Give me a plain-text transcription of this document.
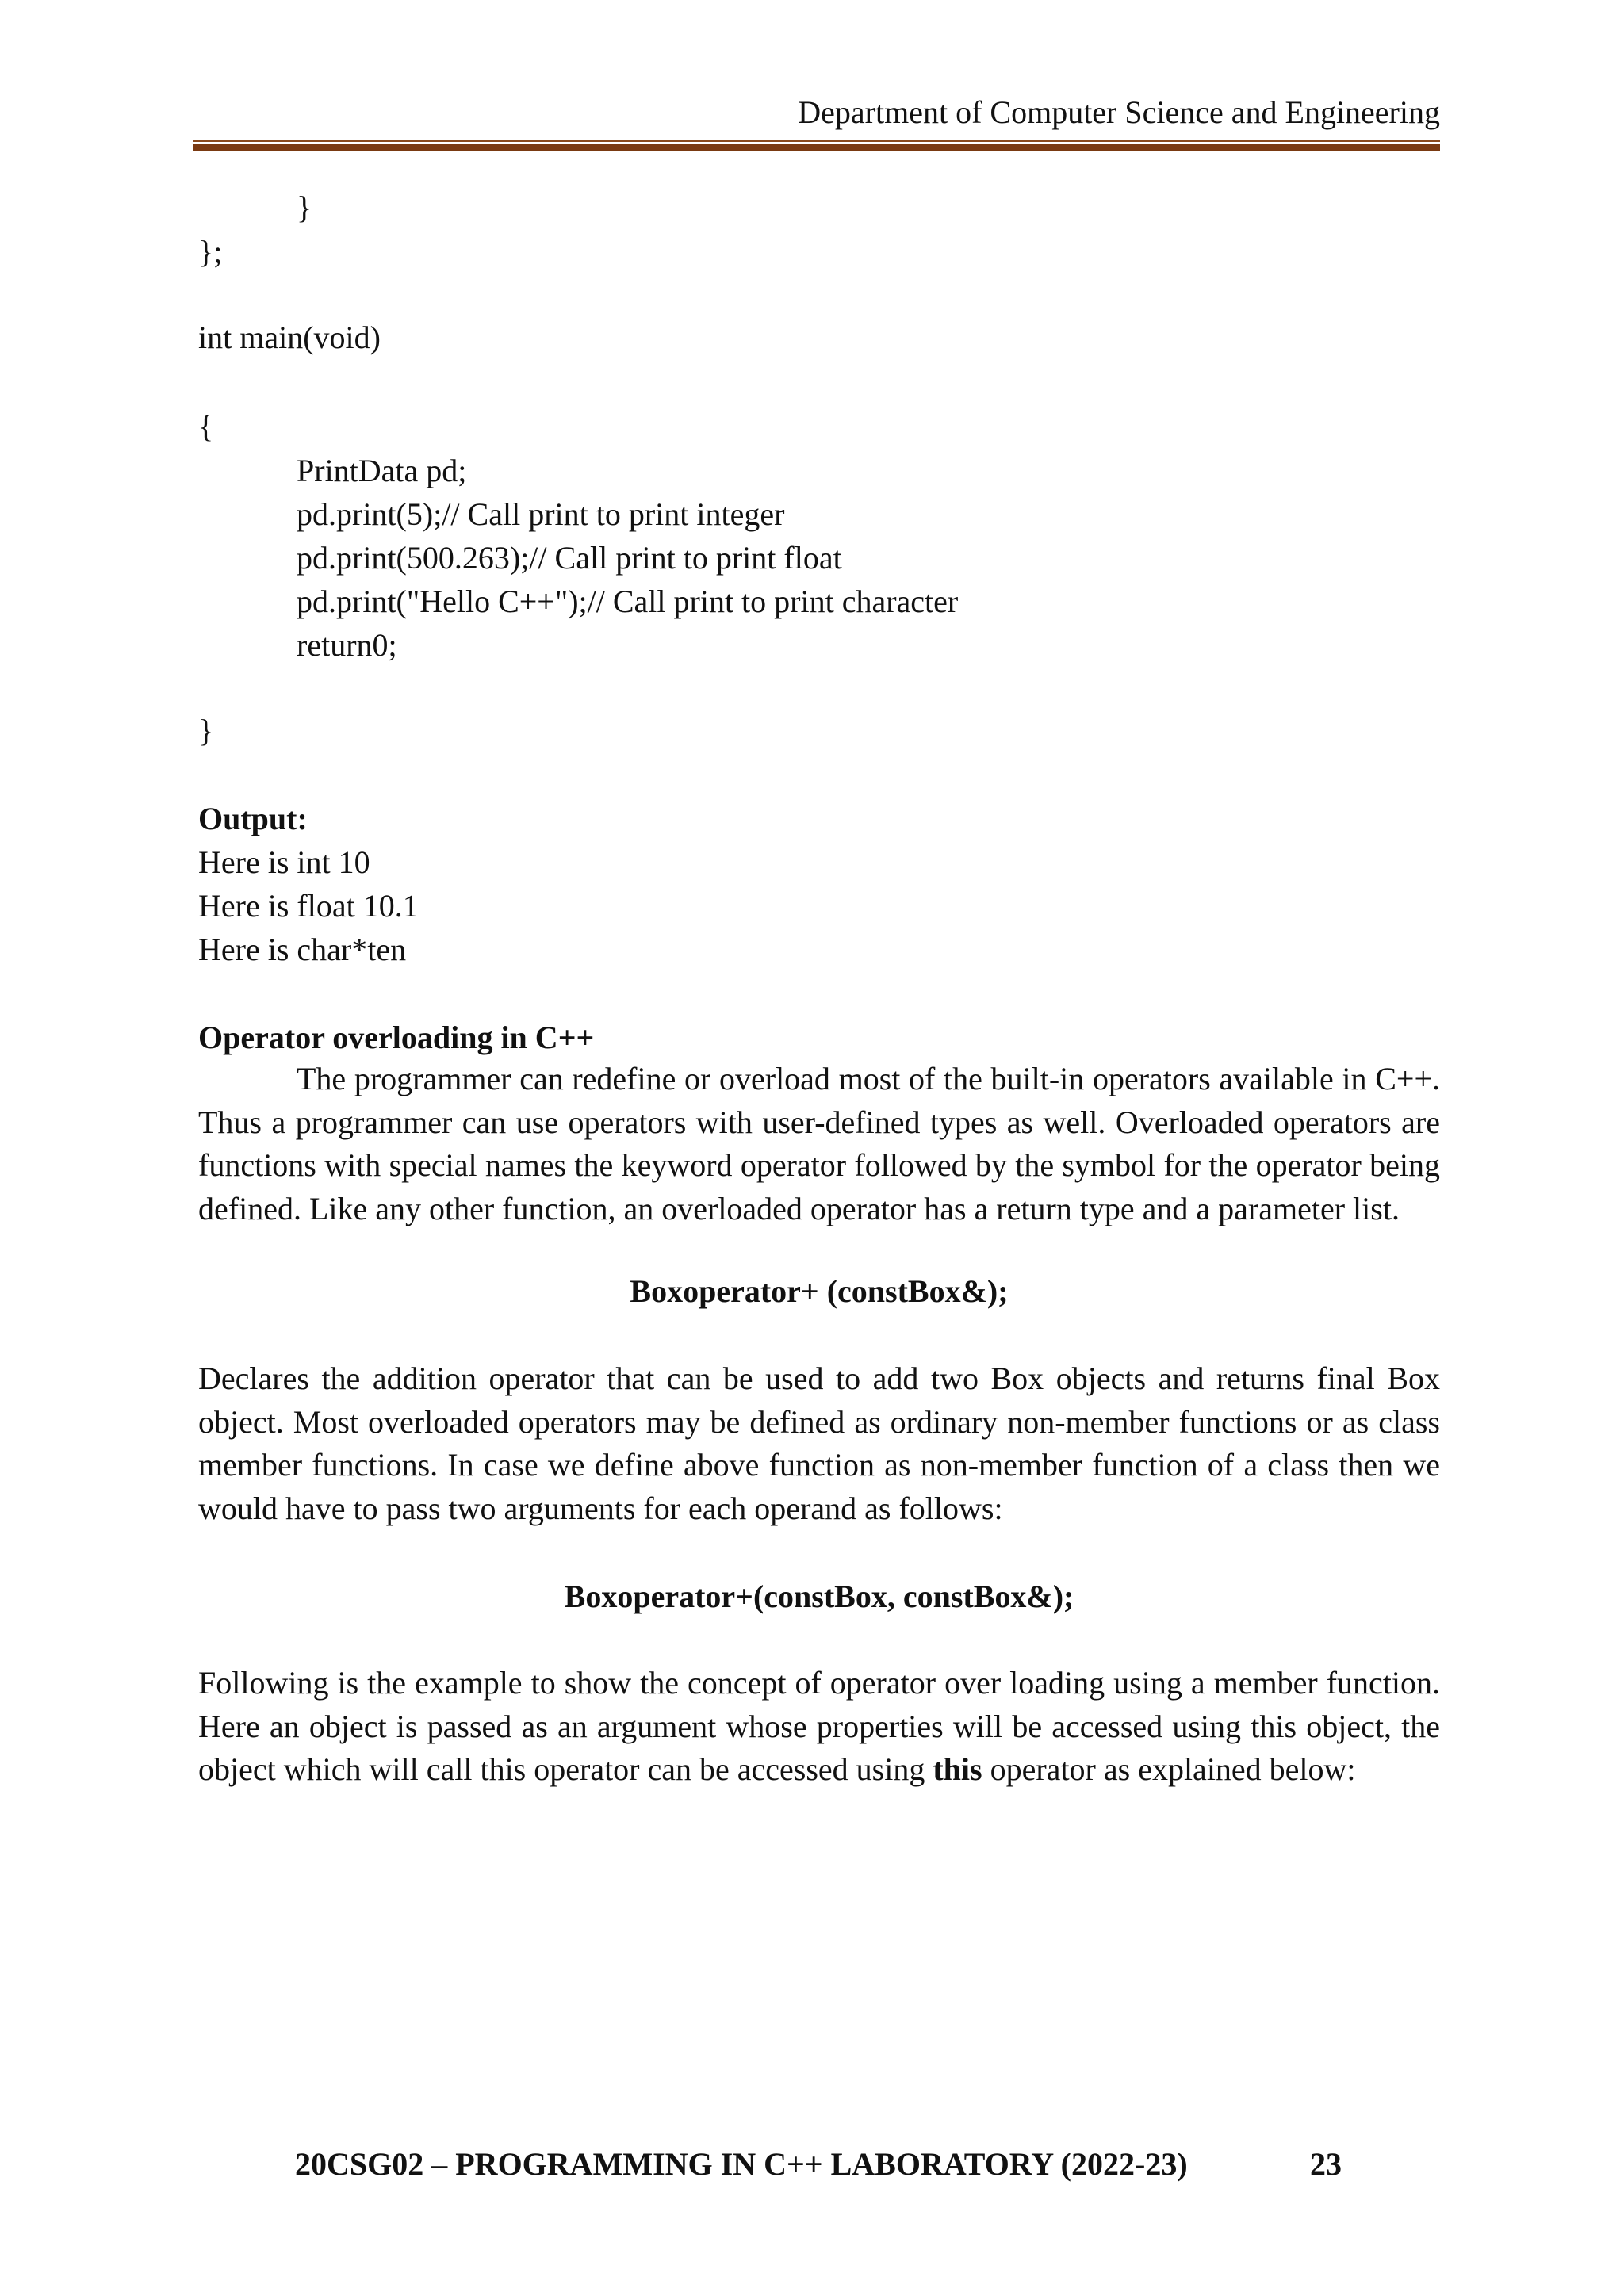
Department of Computer Science and Engineering
}
};
int main(void)
{
PrintData pd;
pd.print(5);// Call print to print integer
pd.print(500.263);// Call print to print float
pd.print("Hello C++");// Call print to print character
return0;
}
Output:
Here is int 10
Here is float 10.1
Here is char*ten
Operator overloading in C++
The programmer can redefine or overload most of the built-in operators available in C++. Thus a programmer can use operators with user-defined types as well. Overloaded operators are functions with special names the keyword operator followed by the symbol for the operator being defined. Like any other function, an overloaded operator has a return type and a parameter list.
Boxoperator+ (constBox&);
Declares the addition operator that can be used to add two Box objects and returns final Box object. Most overloaded operators may be defined as ordinary non-member functions or as class member functions. In case we define above function as non-member function of a class then we would have to pass two arguments for each operand as follows:
Boxoperator+(constBox, constBox&);
Following is the example to show the concept of operator over loading using a member function. Here an object is passed as an argument whose properties will be accessed using this object, the object which will call this operator can be accessed using this operator as explained below:
20CSG02 – PROGRAMMING IN C++ LABORATORY (2022-23)	23
